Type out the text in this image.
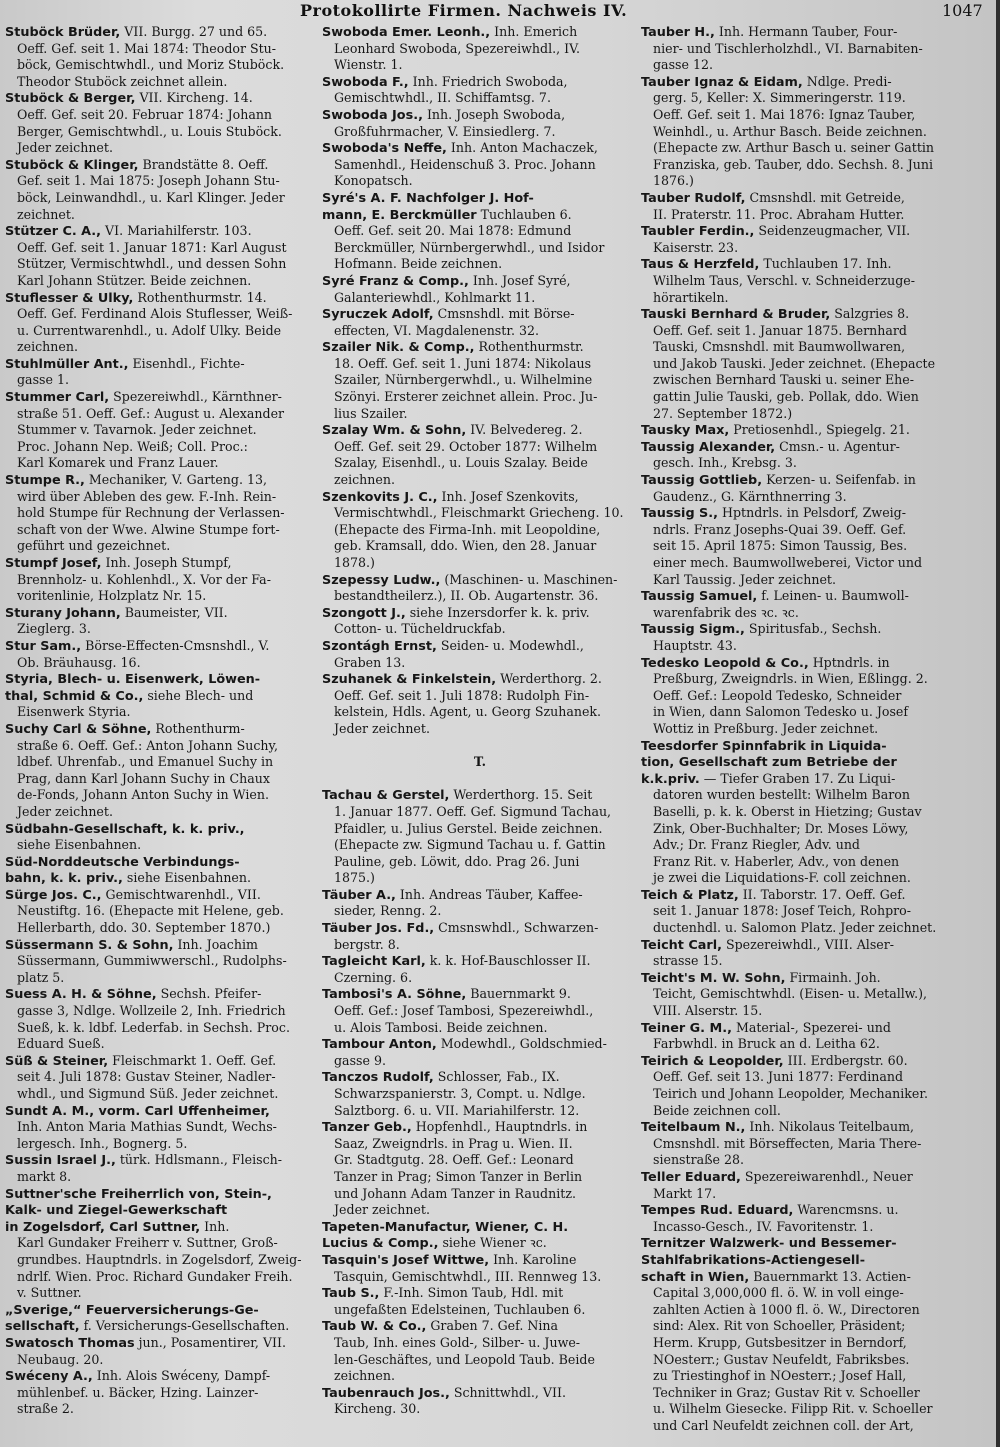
Protokollirte Firmen. Nachweis IV.	1047
Stuböck Brüder, VII. Burgg. 27 und 65.
Oeff. Gef. seit 1. Mai 1874: Theodor Stu-
böck, Gemischtwhdl., und Moriz Stuböck.
Theodor Stuböck zeichnet allein.
Stuböck & Berger, VII. Kircheng. 14.
Oeff. Gef. seit 20. Februar 1874: Johann
Berger, Gemischtwhdl., u. Louis Stuböck.
Jeder zeichnet.
Stuböck & Klinger, Brandstätte 8. Oeff.
Gef. seit 1. Mai 1875: Joseph Johann Stu-
böck, Leinwandhdl., u. Karl Klinger. Jeder
zeichnet.
Stützer C. A., VI. Mariahilferstr. 103.
Oeff. Gef. seit 1. Januar 1871: Karl August
Stützer, Vermischtwhdl., und dessen Sohn
Karl Johann Stützer. Beide zeichnen.
Stuflesser & Ulky, Rothenthurmstr. 14.
Oeff. Gef. Ferdinand Alois Stuflesser, Weiß-
u. Currentwarenhdl., u. Adolf Ulky. Beide
zeichnen.
Stuhlmüller Ant., Eisenhdl., Fichte-
gasse 1.
Stummer Carl, Spezereiwhdl., Kärnthner-
straße 51. Oeff. Gef.: August u. Alexander
Stummer v. Tavarnok. Jeder zeichnet.
Proc. Johann Nep. Weiß; Coll. Proc.:
Karl Komarek und Franz Lauer.
Stumpe R., Mechaniker, V. Garteng. 13,
wird über Ableben des gew. F.-Inh. Rein-
hold Stumpe für Rechnung der Verlassen-
schaft von der Wwe. Alwine Stumpe fort-
geführt und gezeichnet.
Stumpf Josef, Inh. Joseph Stumpf,
Brennholz- u. Kohlenhdl., X. Vor der Fa-
voritenlinie, Holzplatz Nr. 15.
Sturany Johann, Baumeister, VII.
Zieglerg. 3.
Stur Sam., Börse-Effecten-Cmsnshdl., V.
Ob. Bräuhausg. 16.
Styria, Blech- u. Eisenwerk, Löwen-
thal, Schmid & Co., siehe Blech- und
Eisenwerk Styria.
Suchy Carl & Söhne, Rothenthurm-
straße 6. Oeff. Gef.: Anton Johann Suchy,
ldbef. Uhrenfab., und Emanuel Suchy in
Prag, dann Karl Johann Suchy in Chaux
de-Fonds, Johann Anton Suchy in Wien.
Jeder zeichnet.
Südbahn-Gesellschaft, k. k. priv.,
siehe Eisenbahnen.
Süd-Norddeutsche Verbindungs-
bahn, k. k. priv., siehe Eisenbahnen.
Sürge Jos. C., Gemischtwarenhdl., VII.
Neustiftg. 16. (Ehepacte mit Helene, geb.
Hellerbarth, ddo. 30. September 1870.)
Süssermann S. & Sohn, Inh. Joachim
Süssermann, Gummiwwerschl., Rudolphs-
platz 5.
Suess A. H. & Söhne, Sechsh. Pfeifer-
gasse 3, Ndlge. Wollzeile 2, Inh. Friedrich
Sueß, k. k. ldbf. Lederfab. in Sechsh. Proc.
Eduard Sueß.
Süß & Steiner, Fleischmarkt 1. Oeff. Gef.
seit 4. Juli 1878: Gustav Steiner, Nadler-
whdl., und Sigmund Süß. Jeder zeichnet.
Sundt A. M., vorm. Carl Uffenheimer,
Inh. Anton Maria Mathias Sundt, Wechs-
lergesch. Inh., Bognerg. 5.
Sussin Israel J., türk. Hdlsmann., Fleisch-
markt 8.
Suttner'sche Freiherrlich von, Stein-,
Kalk- und Ziegel-Gewerkschaft
in Zogelsdorf, Carl Suttner, Inh.
Karl Gundaker Freiherr v. Suttner, Groß-
grundbes. Hauptndrls. in Zogelsdorf, Zweig-
ndrlf. Wien. Proc. Richard Gundaker Freih.
v. Suttner.
„Sverige,“ Feuerversicherungs-Ge-
sellschaft, f. Versicherungs-Gesellschaften.
Swatosch Thomas jun., Posamentirer, VII.
Neubaug. 20.
Swéceny A., Inh. Alois Swéceny, Dampf-
mühlenbef. u. Bäcker, Hzing. Lainzer-
straße 2.
Swoboda Emer. Leonh., Inh. Emerich
Leonhard Swoboda, Spezereiwhdl., IV.
Wienstr. 1.
Swoboda F., Inh. Friedrich Swoboda,
Gemischtwhdl., II. Schiffamtsg. 7.
Swoboda Jos., Inh. Joseph Swoboda,
Großfuhrmacher, V. Einsiedlerg. 7.
Swoboda's Neffe, Inh. Anton Machaczek,
Samenhdl., Heidenschuß 3. Proc. Johann
Konopatsch.
Syré's A. F. Nachfolger J. Hof-
mann, E. Berckmüller Tuchlauben 6.
Oeff. Gef. seit 20. Mai 1878: Edmund
Berckmüller, Nürnbergerwhdl., und Isidor
Hofmann. Beide zeichnen.
Syré Franz & Comp., Inh. Josef Syré,
Galanteriewhdl., Kohlmarkt 11.
Syruczek Adolf, Cmsnshdl. mit Börse-
effecten, VI. Magdalenenstr. 32.
Szailer Nik. & Comp., Rothenthurmstr.
18. Oeff. Gef. seit 1. Juni 1874: Nikolaus
Szailer, Nürnbergerwhdl., u. Wilhelmine
Szönyi. Ersterer zeichnet allein. Proc. Ju-
lius Szailer.
Szalay Wm. & Sohn, IV. Belvedereg. 2.
Oeff. Gef. seit 29. October 1877: Wilhelm
Szalay, Eisenhdl., u. Louis Szalay. Beide
zeichnen.
Szenkovits J. C., Inh. Josef Szenkovits,
Vermischtwhdl., Fleischmarkt Griecheng. 10.
(Ehepacte des Firma-Inh. mit Leopoldine,
geb. Kramsall, ddo. Wien, den 28. Januar
1878.)
Szepessy Ludw., (Maschinen- u. Maschinen-
bestandtheilerz.), II. Ob. Augartenstr. 36.
Szongott J., siehe Inzersdorfer k. k. priv.
Cotton- u. Tücheldruckfab.
Szontágh Ernst, Seiden- u. Modewhdl.,
Graben 13.
Szuhanek & Finkelstein, Werderthorg. 2.
Oeff. Gef. seit 1. Juli 1878: Rudolph Fin-
kelstein, Hdls. Agent, u. Georg Szuhanek.
Jeder zeichnet.
T.
Tachau & Gerstel, Werderthorg. 15. Seit
1. Januar 1877. Oeff. Gef. Sigmund Tachau,
Pfaidler, u. Julius Gerstel. Beide zeichnen.
(Ehepacte zw. Sigmund Tachau u. f. Gattin
Pauline, geb. Löwit, ddo. Prag 26. Juni
1875.)
Täuber A., Inh. Andreas Täuber, Kaffee-
sieder, Renng. 2.
Täuber Jos. Fd., Cmsnswhdl., Schwarzen-
bergstr. 8.
Tagleicht Karl, k. k. Hof-Bauschlosser II.
Czerning. 6.
Tambosi's A. Söhne, Bauernmarkt 9.
Oeff. Gef.: Josef Tambosi, Spezereiwhdl.,
u. Alois Tambosi. Beide zeichnen.
Tambour Anton, Modewhdl., Goldschmied-
gasse 9.
Tanczos Rudolf, Schlosser, Fab., IX.
Schwarzspanierstr. 3, Compt. u. Ndlge.
Salztborg. 6. u. VII. Mariahilferstr. 12.
Tanzer Geb., Hopfenhdl., Hauptndrls. in
Saaz, Zweigndrls. in Prag u. Wien. II.
Gr. Stadtgutg. 28. Oeff. Gef.: Leonard
Tanzer in Prag; Simon Tanzer in Berlin
und Johann Adam Tanzer in Raudnitz.
Jeder zeichnet.
Tapeten-Manufactur, Wiener, C. H.
Lucius & Comp., siehe Wiener ꝛc.
Tasquin's Josef Wittwe, Inh. Karoline
Tasquin, Gemischtwhdl., III. Rennweg 13.
Taub S., F.-Inh. Simon Taub, Hdl. mit
ungefaßten Edelsteinen, Tuchlauben 6.
Taub W. & Co., Graben 7. Gef. Nina
Taub, Inh. eines Gold-, Silber- u. Juwe-
len-Geschäftes, und Leopold Taub. Beide
zeichnen.
Taubenrauch Jos., Schnittwhdl., VII.
Kircheng. 30.
Tauber H., Inh. Hermann Tauber, Four-
nier- und Tischlerholzhdl., VI. Barnabiten-
gasse 12.
Tauber Ignaz & Eidam, Ndlge. Predi-
gerg. 5, Keller: X. Simmeringerstr. 119.
Oeff. Gef. seit 1. Mai 1876: Ignaz Tauber,
Weinhdl., u. Arthur Basch. Beide zeichnen.
(Ehepacte zw. Arthur Basch u. seiner Gattin
Franziska, geb. Tauber, ddo. Sechsh. 8. Juni
1876.)
Tauber Rudolf, Cmsnshdl. mit Getreide,
II. Praterstr. 11. Proc. Abraham Hutter.
Taubler Ferdin., Seidenzeugmacher, VII.
Kaiserstr. 23.
Taus & Herzfeld, Tuchlauben 17. Inh.
Wilhelm Taus, Verschl. v. Schneiderzuge-
hörartikeln.
Tauski Bernhard & Bruder, Salzgries 8.
Oeff. Gef. seit 1. Januar 1875. Bernhard
Tauski, Cmsnshdl. mit Baumwollwaren,
und Jakob Tauski. Jeder zeichnet. (Ehepacte
zwischen Bernhard Tauski u. seiner Ehe-
gattin Julie Tauski, geb. Pollak, ddo. Wien
27. September 1872.)
Tausky Max, Pretiosenhdl., Spiegelg. 21.
Taussig Alexander, Cmsn.- u. Agentur-
gesch. Inh., Krebsg. 3.
Taussig Gottlieb, Kerzen- u. Seifenfab. in
Gaudenz., G. Kärnthnerring 3.
Taussig S., Hptndrls. in Pelsdorf, Zweig-
ndrls. Franz Josephs-Quai 39. Oeff. Gef.
seit 15. April 1875: Simon Taussig, Bes.
einer mech. Baumwollweberei, Victor und
Karl Taussig. Jeder zeichnet.
Taussig Samuel, f. Leinen- u. Baumwoll-
warenfabrik des ꝛc. ꝛc.
Taussig Sigm., Spiritusfab., Sechsh.
Hauptstr. 43.
Tedesko Leopold & Co., Hptndrls. in
Preßburg, Zweigndrls. in Wien, Eßlingg. 2.
Oeff. Gef.: Leopold Tedesko, Schneider
in Wien, dann Salomon Tedesko u. Josef
Wottiz in Preßburg. Jeder zeichnet.
Teesdorfer Spinnfabrik in Liquida-
tion, Gesellschaft zum Betriebe der
k.k.priv. — Tiefer Graben 17. Zu Liqui-
datoren wurden bestellt: Wilhelm Baron
Baselli, p. k. k. Oberst in Hietzing; Gustav
Zink, Ober-Buchhalter; Dr. Moses Löwy,
Adv.; Dr. Franz Riegler, Adv. und
Franz Rit. v. Haberler, Adv., von denen
je zwei die Liquidations-F. coll zeichnen.
Teich & Platz, II. Taborstr. 17. Oeff. Gef.
seit 1. Januar 1878: Josef Teich, Rohpro-
ductenhdl. u. Salomon Platz. Jeder zeichnet.
Teicht Carl, Spezereiwhdl., VIII. Alser-
strasse 15.
Teicht's M. W. Sohn, Firmainh. Joh.
Teicht, Gemischtwhdl. (Eisen- u. Metallw.),
VIII. Alserstr. 15.
Teiner G. M., Material-, Spezerei- und
Farbwhdl. in Bruck an d. Leitha 62.
Teirich & Leopolder, III. Erdbergstr. 60.
Oeff. Gef. seit 13. Juni 1877: Ferdinand
Teirich und Johann Leopolder, Mechaniker.
Beide zeichnen coll.
Teitelbaum N., Inh. Nikolaus Teitelbaum,
Cmsnshdl. mit Börseffecten, Maria There-
sienstraße 28.
Teller Eduard, Spezereiwarenhdl., Neuer
Markt 17.
Tempes Rud. Eduard, Warencmsns. u.
Incasso-Gesch., IV. Favoritenstr. 1.
Ternitzer Walzwerk- und Bessemer-
Stahlfabrikations-Actiengesell-
schaft in Wien, Bauernmarkt 13. Actien-
Capital 3,000,000 fl. ö. W. in voll einge-
zahlten Actien à 1000 fl. ö. W., Directoren
sind: Alex. Rit von Schoeller, Präsident;
Herm. Krupp, Gutsbesitzer in Berndorf,
NOesterr.; Gustav Neufeldt, Fabriksbes.
zu Triestinghof in NOesterr.; Josef Hall,
Techniker in Graz; Gustav Rit v. Schoeller
u. Wilhelm Giesecke. Filipp Rit. v. Schoeller
und Carl Neufeldt zeichnen coll. der Art,
